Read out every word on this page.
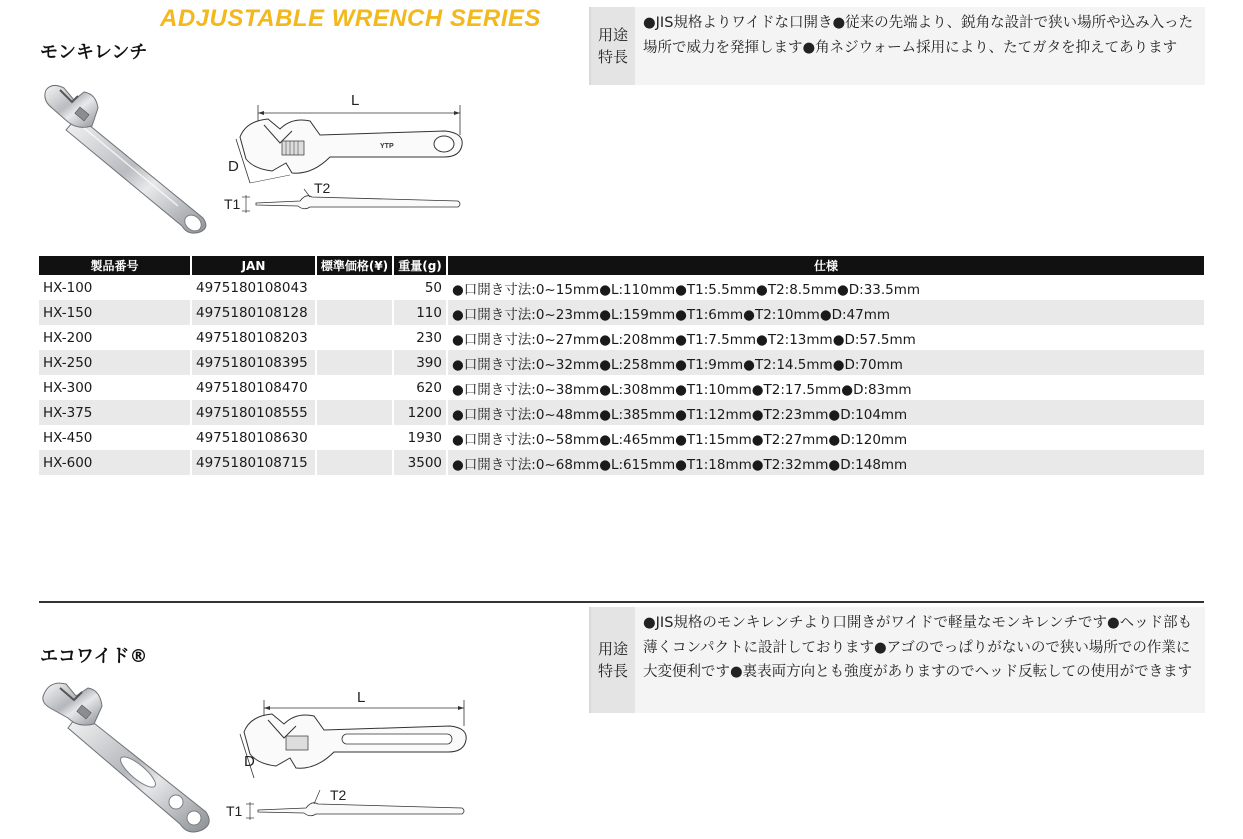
ADJUSTABLE WRENCH SERIES
モンキレンチ
L
YTP
D
T1
T2
用途
特長
●JIS規格よりワイドな口開き●従来の先端より、鋭角な設計で狭い場所や込み入った場所で威力を発揮します●角ネジウォーム採用により、たてガタを抑えてあります
製品番号	JAN	標準価格(¥)	重量(g)	仕様
HX-100	4975180108043		50	●口開き寸法:0~15mm●L:110mm●T1:5.5mm●T2:8.5mm●D:33.5mm
HX-150	4975180108128		110	●口開き寸法:0~23mm●L:159mm●T1:6mm●T2:10mm●D:47mm
HX-200	4975180108203		230	●口開き寸法:0~27mm●L:208mm●T1:7.5mm●T2:13mm●D:57.5mm
HX-250	4975180108395		390	●口開き寸法:0~32mm●L:258mm●T1:9mm●T2:14.5mm●D:70mm
HX-300	4975180108470		620	●口開き寸法:0~38mm●L:308mm●T1:10mm●T2:17.5mm●D:83mm
HX-375	4975180108555		1200	●口開き寸法:0~48mm●L:385mm●T1:12mm●T2:23mm●D:104mm
HX-450	4975180108630		1930	●口開き寸法:0~58mm●L:465mm●T1:15mm●T2:27mm●D:120mm
HX-600	4975180108715		3500	●口開き寸法:0~68mm●L:615mm●T1:18mm●T2:32mm●D:148mm
エコワイド®
L
D
T1
T2
用途
特長
●JIS規格のモンキレンチより口開きがワイドで軽量なモンキレンチです●ヘッド部も薄くコンパクトに設計しております●アゴのでっぱりがないので狭い場所での作業に大変便利です●裏表両方向とも強度がありますのでヘッド反転しての使用ができます
